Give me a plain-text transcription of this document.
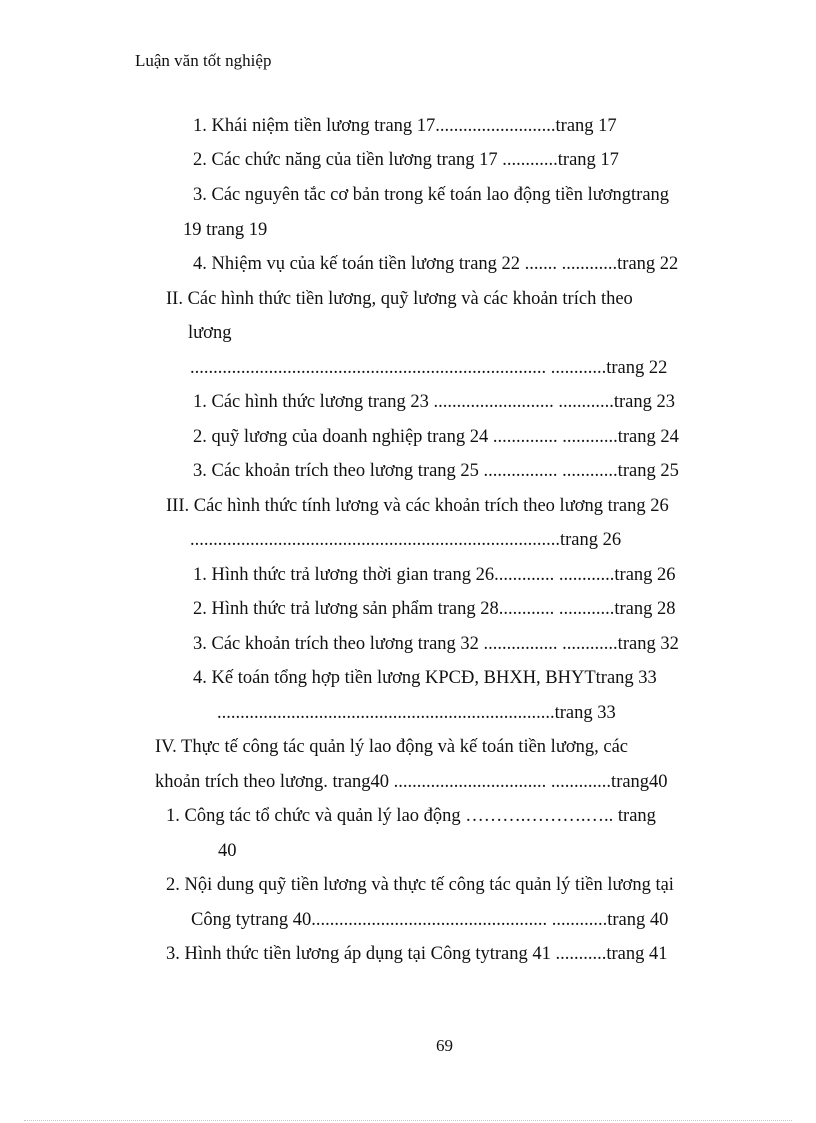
Luận văn tốt nghiệp
1. Khái niệm tiền lương trang 17..........................trang 17
2. Các chức năng của tiền lương trang 17 ............trang 17
3. Các nguyên tắc cơ bản trong kế toán lao động tiền lươngtrang
19 trang 19
4. Nhiệm vụ của kế toán tiền lương trang 22 ....... ............trang 22
II. Các hình thức tiền lương, quỹ lương và các khoản trích theo
lương
............................................................................. ............trang 22
1. Các hình thức lương trang 23 .......................... ............trang 23
2. quỹ lương của doanh nghiệp trang 24 .............. ............trang 24
3. Các khoản trích theo lương trang 25 ................ ............trang 25
III. Các hình thức tính lương và các khoản trích theo lương trang 26
................................................................................trang 26
1. Hình thức trả lương thời gian trang 26............. ............trang 26
2. Hình thức trả lương sản phẩm trang 28............ ............trang 28
3. Các khoản trích theo lương trang 32 ................ ............trang 32
4. Kế toán tổng hợp tiền lương KPCĐ, BHXH, BHYTtrang 33
.........................................................................trang 33
IV. Thực tế công tác quản lý lao động và kế toán tiền lương, các
khoản trích theo lương. trang40 ................................. .............trang40
1. Công tác tổ chức và quản lý lao động ……….……….….. trang
40
2. Nội dung quỹ tiền lương và thực tế công tác quản lý tiền lương tại
Công tytrang 40................................................... ............trang 40
3. Hình thức tiền lương áp dụng tại Công tytrang 41 ...........trang 41
69
